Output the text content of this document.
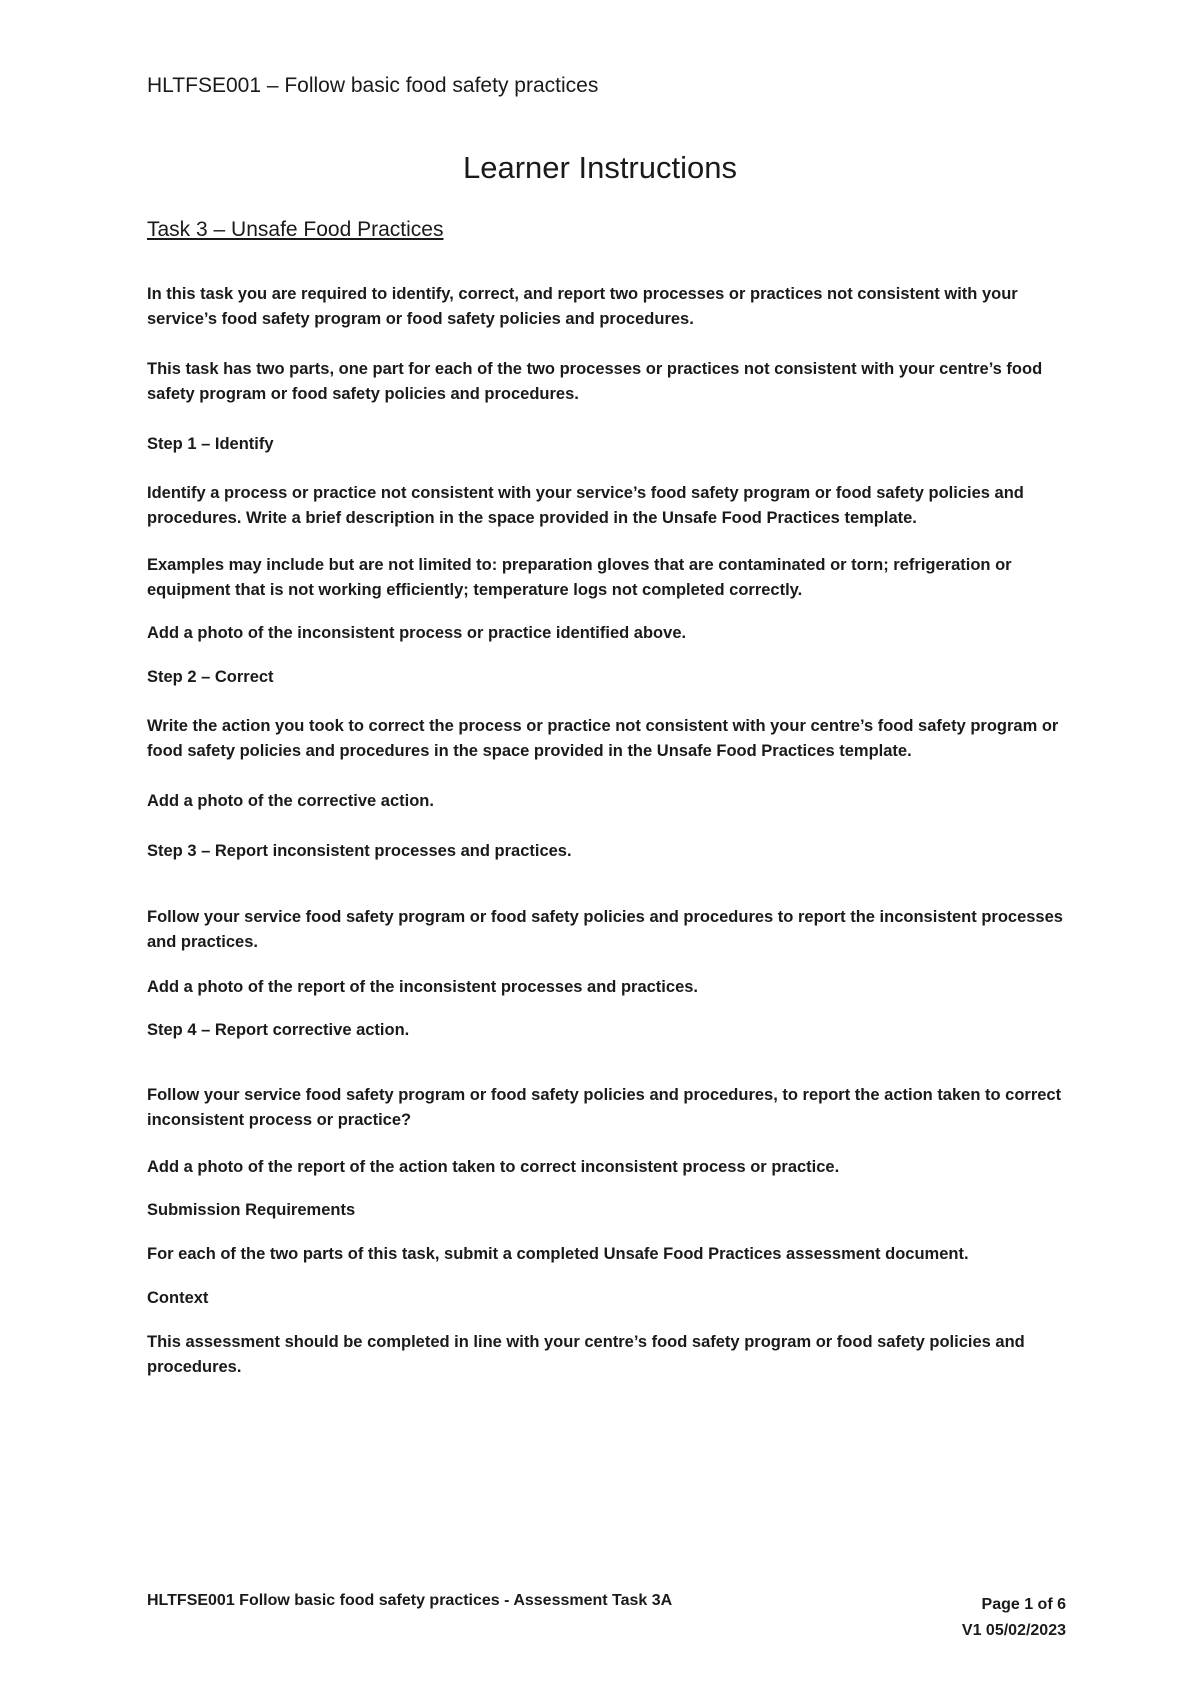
HLTFSE001 – Follow basic food safety practices
Learner Instructions
Task 3 – Unsafe Food Practices

In this task you are required to identify, correct, and report two processes or practices not consistent with your service’s food safety program or food safety policies and procedures.

This task has two parts, one part for each of the two processes or practices not consistent with your centre’s food safety program or food safety policies and procedures.

Step 1 – Identify

Identify a process or practice not consistent with your service’s food safety program or food safety policies and procedures. Write a brief description in the space provided in the Unsafe Food Practices template.

Examples may include but are not limited to: preparation gloves that are contaminated or torn; refrigeration or equipment that is not working efficiently; temperature logs not completed correctly.

Add a photo of the inconsistent process or practice identified above.

Step 2 – Correct

Write the action you took to correct the process or practice not consistent with your centre’s food safety program or food safety policies and procedures in the space provided in the Unsafe Food Practices template.

Add a photo of the corrective action.

Step 3 – Report inconsistent processes and practices.

Follow your service food safety program or food safety policies and procedures to report the inconsistent processes and practices.

Add a photo of the report of the inconsistent processes and practices.

Step 4 – Report corrective action.

Follow your service food safety program or food safety policies and procedures, to report the action taken to correct inconsistent process or practice?

Add a photo of the report of the action taken to correct inconsistent process or practice.

Submission Requirements

For each of the two parts of this task, submit a completed Unsafe Food Practices assessment document.

Context

This assessment should be completed in line with your centre’s food safety program or food safety policies and procedures.

HLTFSE001 Follow basic food safety practices - Assessment Task 3A	Page 1 of 6
V1 05/02/2023
